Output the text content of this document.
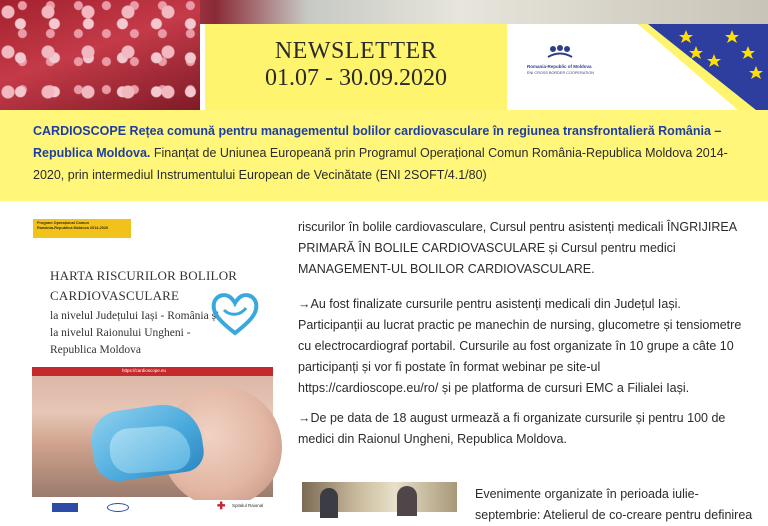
NEWSLETTER
01.07 - 30.09.2020	Romania-Republic of Moldova
ENI CROSS BORDER COOPERATION
CARDIOSCOPE Rețea comună pentru managementul bolilor cardiovasculare în regiunea transfrontalieră România – Republica Moldova. Finanțat de Uniunea Europeană prin Programul Operațional Comun România-Republica Moldova 2014-2020, prin intermediul Instrumentului European de Vecinătate (ENI 2SOFT/4.1/80)
Program Operațional Comun
România-Republica Moldova 2014-2020
HARTA RISCURILOR BOLILOR
CARDIOVASCULARE
la nivelul Județului Iași - România și la nivelul Raionului Ungheni - Republica Moldova
https://cardioscope.eu
✚	Spitalul Raional

riscurilor în bolile cardiovasculare, Cursul pentru asistenți medicali ÎNGRIJIREA PRIMARĂ ÎN BOLILE CARDIOVASCULARE și Cursul pentru medici MANAGEMENT-UL BOLILOR CARDIOVASCULARE.

→Au fost finalizate cursurile pentru asistenți medicali din Județul Iași. Participanții au lucrat practic pe manechin de nursing, glucometre și tensiometre cu electrocardiograf portabil. Cursurile au fost organizate în 10 grupe a câte 10 participanți și vor fi postate în format webinar pe site-ul https://cardioscope.eu/ro/ și pe platforma de cursuri EMC a Filialei Iași.

→De pe data de 18 august urmează a fi organizate cursurile și pentru 100 de medici din Raionul Ungheni, Republica Moldova.

Evenimente organizate în perioada iulie-septembrie: Atelierul de co-creare pentru definirea
